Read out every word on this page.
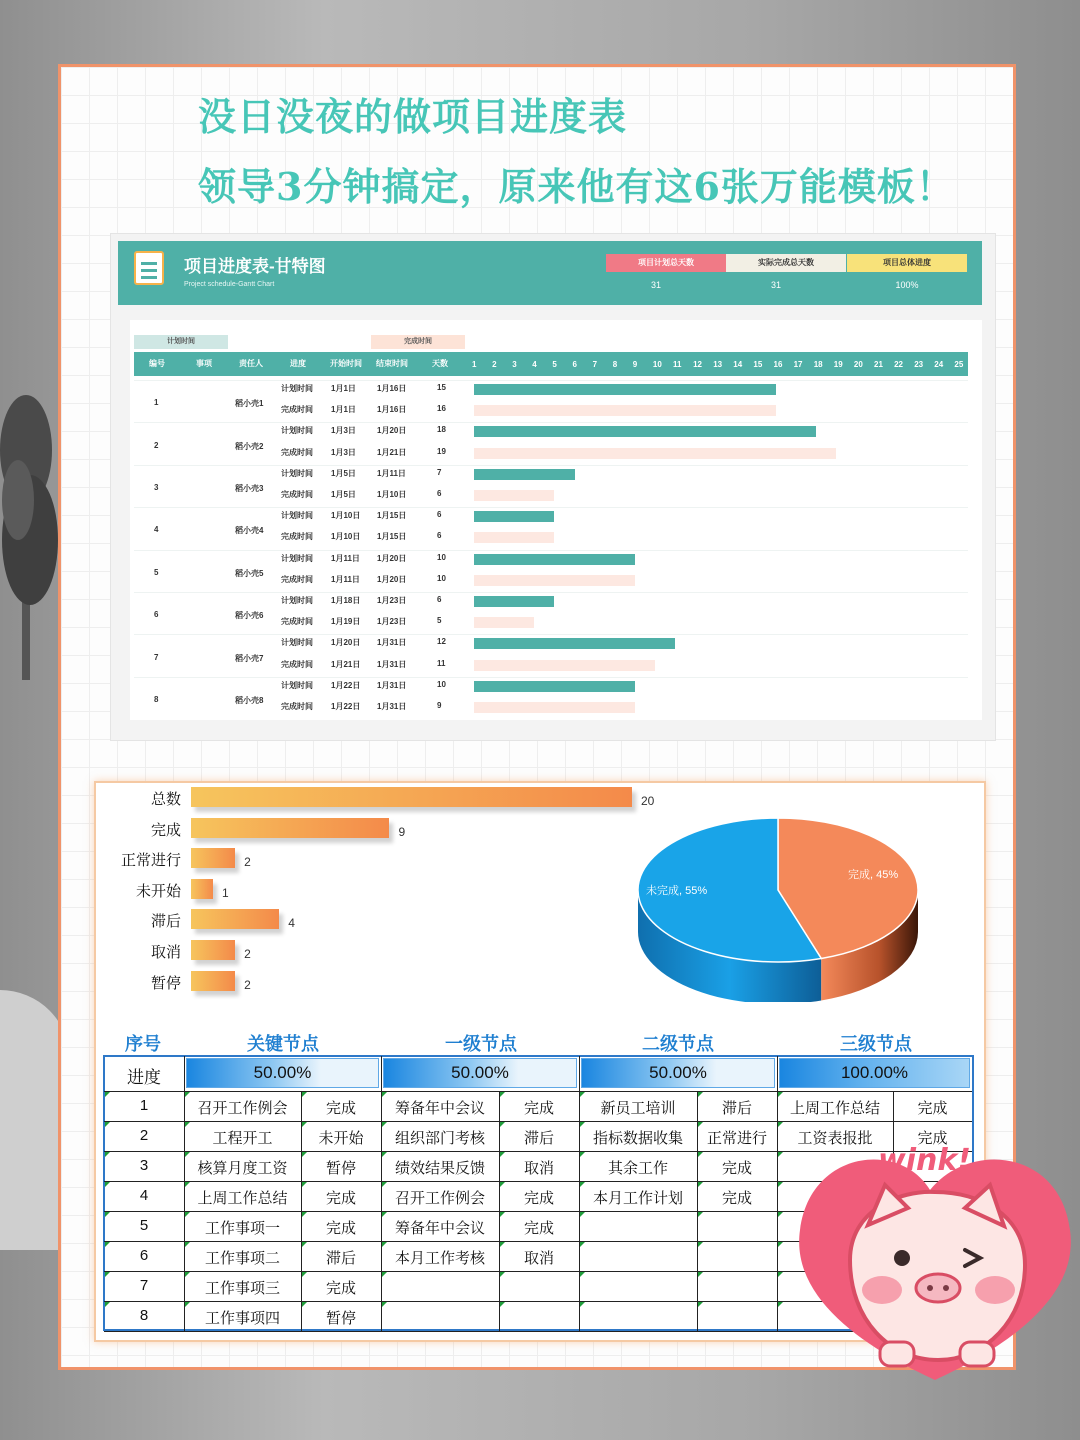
没日没夜的做项目进度表
领导3分钟搞定，原来他有这6张万能模板！
项目进度表-甘特图
Project schedule-Gantt Chart
项目计划总天数
31
实际完成总天数
31
项目总体进度
100%
计划时间	完成时间
编号	事项	责任人	进度	开始时间 结束时间	天数	1 2 3 4 5 6 7 8 9 10 11 12 13 14 15 16 17 18 19 20 21 22 23 24 25
1	稻小壳1
计划时间 1月1日	1月16日	15
完成时间 1月1日	1月16日	16
2	稻小壳2
计划时间 1月3日	1月20日	18
完成时间 1月3日	1月21日	19
3	稻小壳3
计划时间 1月5日	1月11日	7
完成时间 1月5日	1月10日	6
4	稻小壳4
计划时间 1月10日 1月15日	6
完成时间 1月10日 1月15日	6
5	稻小壳5
计划时间 1月11日 1月20日	10
完成时间 1月11日 1月20日	10
6	稻小壳6
计划时间 1月18日 1月23日	6
完成时间 1月19日 1月23日	5
7	稻小壳7
计划时间 1月20日 1月31日	12
完成时间 1月21日 1月31日	11
8	稻小壳8
计划时间 1月22日 1月31日	10
完成时间 1月22日 1月31日	9
总数	20
完成	9
正常进行	2
未开始	1
滞后	4
取消	2
暂停	2
完成, 45%
未完成, 55%
序号	关键节点	一级节点	二级节点	三级节点
进度	50.00%	50.00%	50.00%	100.00%
1	召开工作例会	完成	筹备年中会议	完成	新员工培训	滞后	上周工作总结	完成
2	工程开工	未开始	组织部门考核	滞后	指标数据收集	正常进行	工资表报批	完成
3	核算月度工资	暂停	绩效结果反馈	取消	其余工作	完成
4	上周工作总结	完成	召开工作例会	完成	本月工作计划	完成
5	工作事项一	完成	筹备年中会议	完成
6	工作事项二	滞后	本月工作考核	取消
7	工作事项三	完成
8	工作事项四	暂停
wink!
